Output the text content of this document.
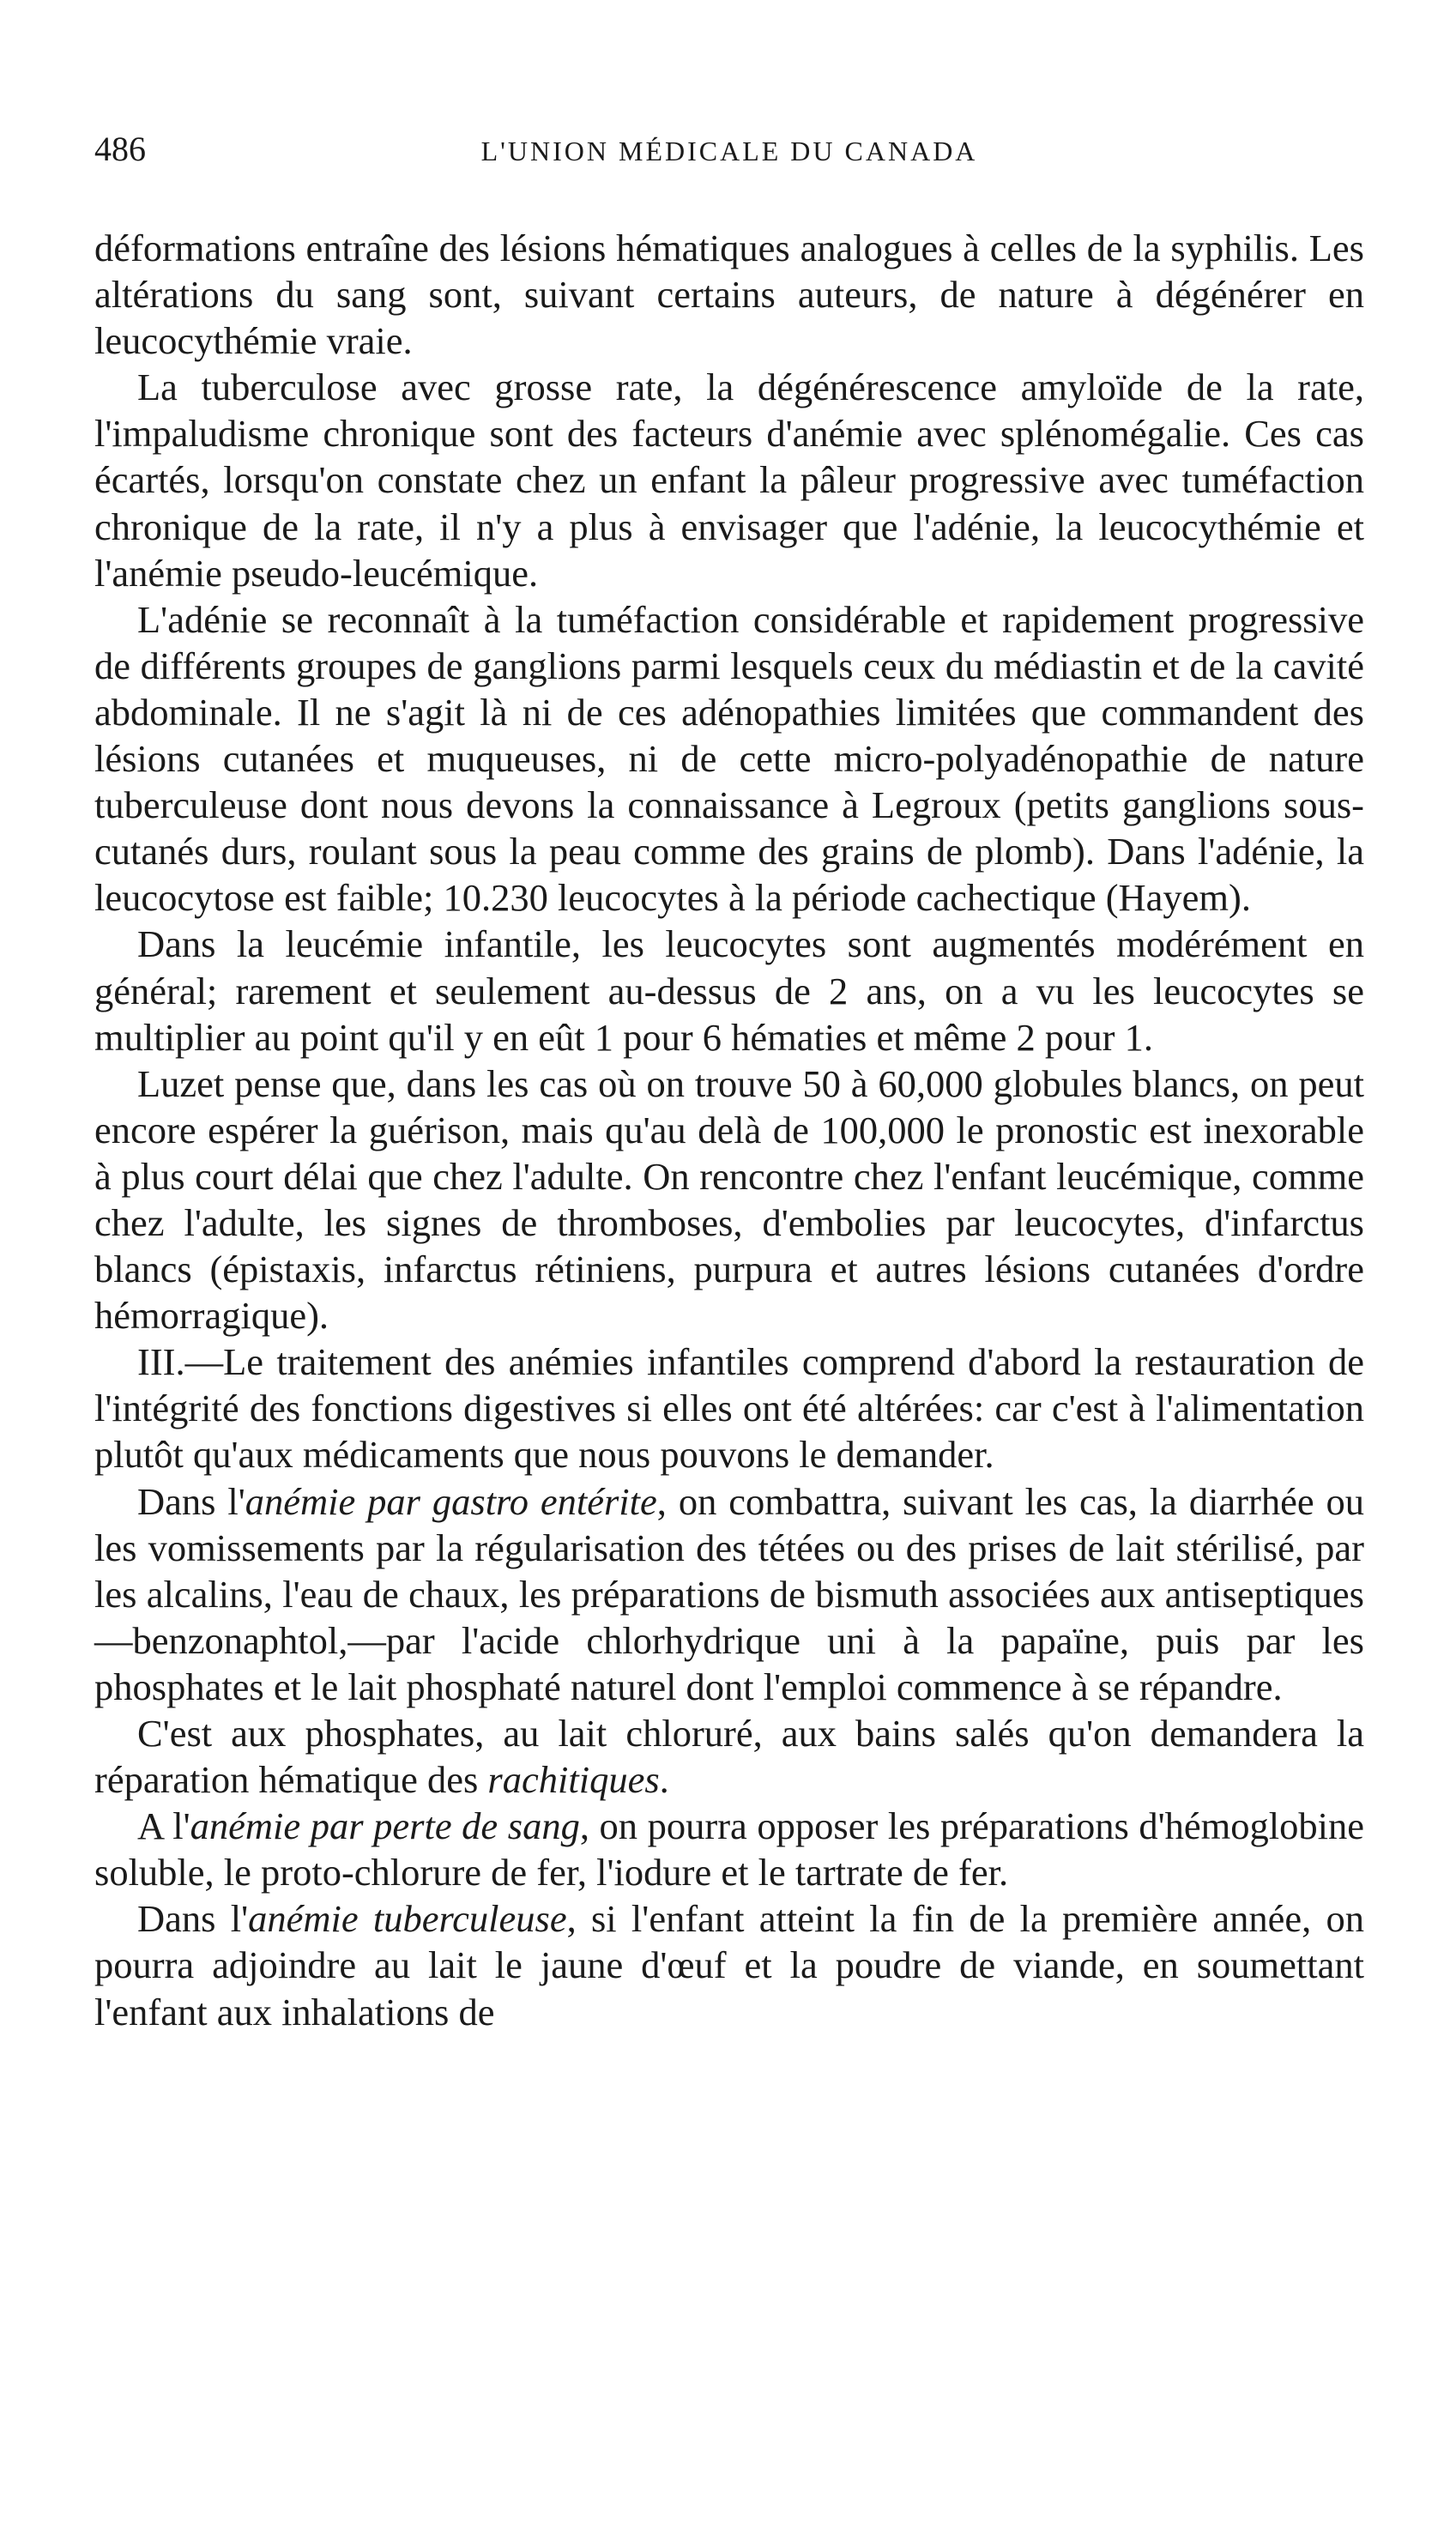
486	L'UNION MÉDICALE DU CANADA

déformations entraîne des lésions hématiques analogues à celles de la syphilis. Les altérations du sang sont, suivant certains auteurs, de nature à dégénérer en leucocythémie vraie.

La tuberculose avec grosse rate, la dégénérescence amyloïde de la rate, l'impaludisme chronique sont des facteurs d'anémie avec splénomégalie. Ces cas écartés, lorsqu'on constate chez un enfant la pâleur progressive avec tuméfaction chronique de la rate, il n'y a plus à envisager que l'adénie, la leucocythémie et l'anémie pseudo-leucémique.

L'adénie se reconnaît à la tuméfaction considérable et rapidement progressive de différents groupes de ganglions parmi lesquels ceux du médiastin et de la cavité abdominale. Il ne s'agit là ni de ces adénopathies limitées que commandent des lésions cutanées et muqueuses, ni de cette micro-polyadénopathie de nature tuberculeuse dont nous devons la connaissance à Legroux (petits ganglions sous-cutanés durs, roulant sous la peau comme des grains de plomb). Dans l'adénie, la leucocytose est faible; 10.230 leucocytes à la période cachectique (Hayem).

Dans la leucémie infantile, les leucocytes sont augmentés modérément en général; rarement et seulement au-dessus de 2 ans, on a vu les leucocytes se multiplier au point qu'il y en eût 1 pour 6 hématies et même 2 pour 1.

Luzet pense que, dans les cas où on trouve 50 à 60,000 globules blancs, on peut encore espérer la guérison, mais qu'au delà de 100,000 le pronostic est inexorable à plus court délai que chez l'adulte. On rencontre chez l'enfant leucémique, comme chez l'adulte, les signes de thromboses, d'embolies par leucocytes, d'infarctus blancs (épistaxis, infarctus rétiniens, purpura et autres lésions cutanées d'ordre hémorragique).

III.—Le traitement des anémies infantiles comprend d'abord la restauration de l'intégrité des fonctions digestives si elles ont été altérées: car c'est à l'alimentation plutôt qu'aux médicaments que nous pouvons le demander.

Dans l'anémie par gastro entérite, on combattra, suivant les cas, la diarrhée ou les vomissements par la régularisation des tétées ou des prises de lait stérilisé, par les alcalins, l'eau de chaux, les préparations de bismuth associées aux antiseptiques—benzonaphtol,—par l'acide chlorhydrique uni à la papaïne, puis par les phosphates et le lait phosphaté naturel dont l'emploi commence à se répandre.

C'est aux phosphates, au lait chloruré, aux bains salés qu'on demandera la réparation hématique des rachitiques.

A l'anémie par perte de sang, on pourra opposer les préparations d'hémoglobine soluble, le proto-chlorure de fer, l'iodure et le tartrate de fer.

Dans l'anémie tuberculeuse, si l'enfant atteint la fin de la première année, on pourra adjoindre au lait le jaune d'œuf et la poudre de viande, en soumettant l'enfant aux inhalations de
